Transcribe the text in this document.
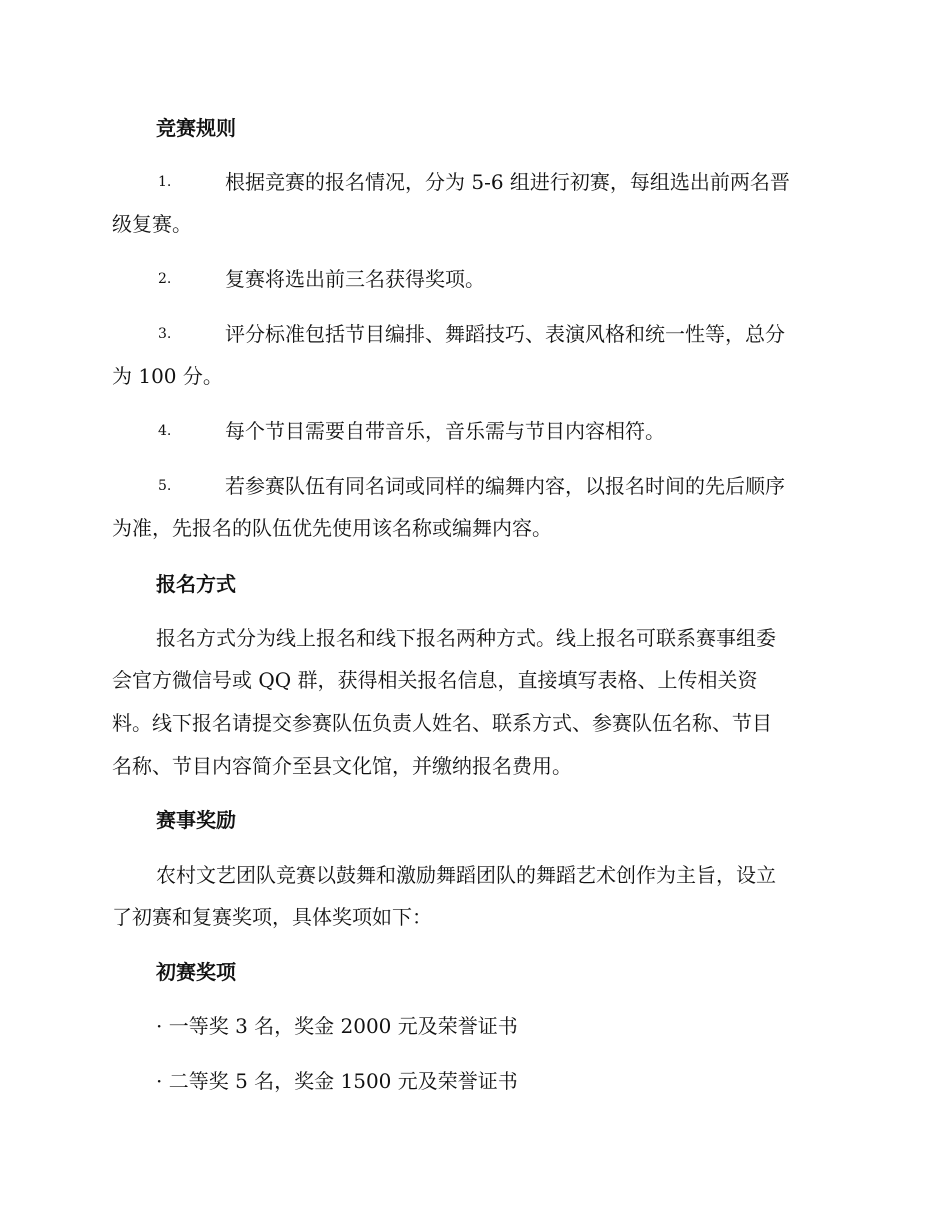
竞赛规则
1.	根据竞赛的报名情况，分为 5-6 组进行初赛，每组选出前两名晋
级复赛。
2.	复赛将选出前三名获得奖项。
3.	评分标准包括节目编排、舞蹈技巧、表演风格和统一性等，总分
为 100 分。
4.	每个节目需要自带音乐，音乐需与节目内容相符。
5.	若参赛队伍有同名词或同样的编舞内容，以报名时间的先后顺序
为准，先报名的队伍优先使用该名称或编舞内容。
报名方式
报名方式分为线上报名和线下报名两种方式。线上报名可联系赛事组委
会官方微信号或 QQ 群，获得相关报名信息，直接填写表格、上传相关资
料。线下报名请提交参赛队伍负责人姓名、联系方式、参赛队伍名称、节目
名称、节目内容简介至县文化馆，并缴纳报名费用。
赛事奖励
农村文艺团队竞赛以鼓舞和激励舞蹈团队的舞蹈艺术创作为主旨，设立
了初赛和复赛奖项，具体奖项如下：
初赛奖项
· 一等奖 3 名，奖金 2000 元及荣誉证书
· 二等奖 5 名，奖金 1500 元及荣誉证书
